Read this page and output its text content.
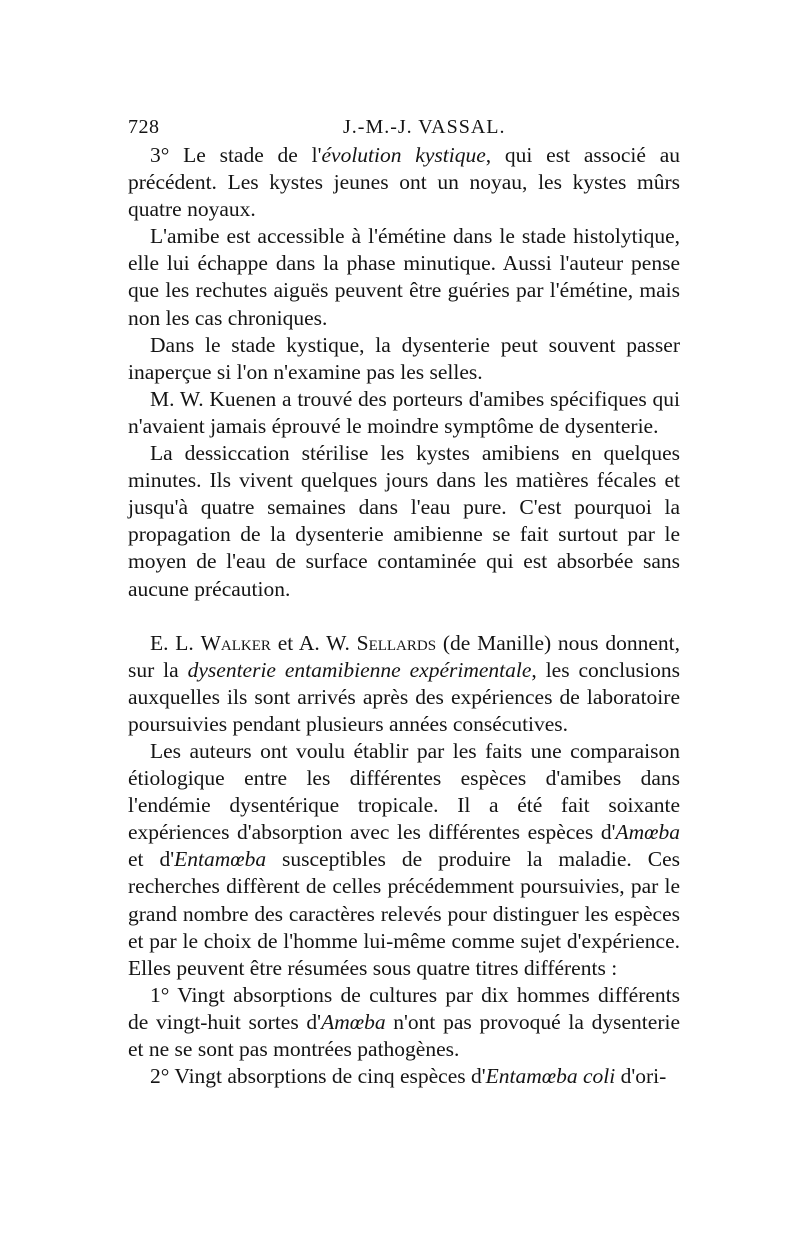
728	J.-M.-J. VASSAL.

3° Le stade de l'évolution kystique, qui est associé au précédent. Les kystes jeunes ont un noyau, les kystes mûrs quatre noyaux.

L'amibe est accessible à l'émétine dans le stade histolytique, elle lui échappe dans la phase minutique. Aussi l'auteur pense que les rechutes aiguës peuvent être guéries par l'émétine, mais non les cas chroniques.

Dans le stade kystique, la dysenterie peut souvent passer inaperçue si l'on n'examine pas les selles.

M. W. Kuenen a trouvé des porteurs d'amibes spécifiques qui n'avaient jamais éprouvé le moindre symptôme de dysenterie.

La dessiccation stérilise les kystes amibiens en quelques minutes. Ils vivent quelques jours dans les matières fécales et jusqu'à quatre semaines dans l'eau pure. C'est pourquoi la propagation de la dysenterie amibienne se fait surtout par le moyen de l'eau de surface contaminée qui est absorbée sans aucune précaution.

E. L. Walker et A. W. Sellards (de Manille) nous donnent, sur la dysenterie entamibienne expérimentale, les conclusions auxquelles ils sont arrivés après des expériences de laboratoire poursuivies pendant plusieurs années consécutives.

Les auteurs ont voulu établir par les faits une comparaison étiologique entre les différentes espèces d'amibes dans l'endémie dysentérique tropicale. Il a été fait soixante expériences d'absorption avec les différentes espèces d'Amœba et d'Entamœba susceptibles de produire la maladie. Ces recherches diffèrent de celles précédemment poursuivies, par le grand nombre des caractères relevés pour distinguer les espèces et par le choix de l'homme lui-même comme sujet d'expérience. Elles peuvent être résumées sous quatre titres différents :

1° Vingt absorptions de cultures par dix hommes différents de vingt-huit sortes d'Amœba n'ont pas provoqué la dysenterie et ne se sont pas montrées pathogènes.

2° Vingt absorptions de cinq espèces d'Entamœba coli d'ori-
